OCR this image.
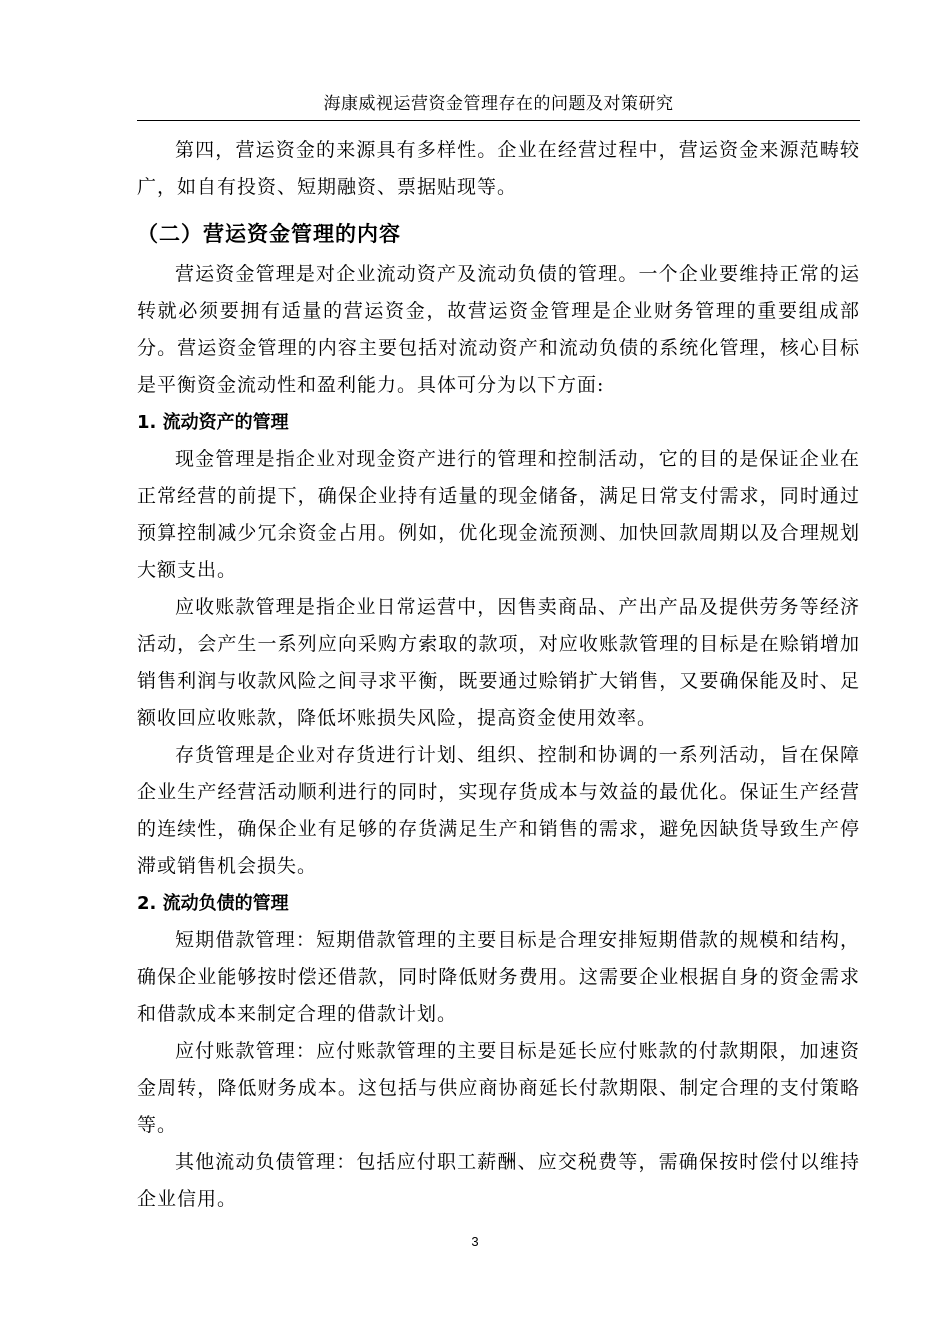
海康威视运营资金管理存在的问题及对策研究

第四，营运资金的来源具有多样性。企业在经营过程中，营运资金来源范畴较广，如自有投资、短期融资、票据贴现等。

（二）营运资金管理的内容

营运资金管理是对企业流动资产及流动负债的管理。一个企业要维持正常的运转就必须要拥有适量的营运资金，故营运资金管理是企业财务管理的重要组成部分。营运资金管理的内容主要包括对流动资产和流动负债的系统化管理，核心目标是平衡资金流动性和盈利能力。具体可分为以下方面:

1. 流动资产的管理

现金管理是指企业对现金资产进行的管理和控制活动，它的目的是保证企业在正常经营的前提下，确保企业持有适量的现金储备，满足日常支付需求，同时通过预算控制减少冗余资金占用。例如，优化现金流预测、加快回款周期以及合理规划大额支出。

应收账款管理是指企业日常运营中，因售卖商品、产出产品及提供劳务等经济活动，会产生一系列应向采购方索取的款项，对应收账款管理的目标是在赊销增加销售利润与收款风险之间寻求平衡，既要通过赊销扩大销售，又要确保能及时、足额收回应收账款，降低坏账损失风险，提高资金使用效率。

存货管理是企业对存货进行计划、组织、控制和协调的一系列活动，旨在保障企业生产经营活动顺利进行的同时，实现存货成本与效益的最优化。保证生产经营的连续性，确保企业有足够的存货满足生产和销售的需求，避免因缺货导致生产停滞或销售机会损失。

2. 流动负债的管理

短期借款管理：短期借款管理的主要目标是合理安排短期借款的规模和结构，确保企业能够按时偿还借款，同时降低财务费用。这需要企业根据自身的资金需求和借款成本来制定合理的借款计划。

应付账款管理：应付账款管理的主要目标是延长应付账款的付款期限，加速资金周转，降低财务成本。这包括与供应商协商延长付款期限、制定合理的支付策略等。

其他流动负债管理：包括应付职工薪酬、应交税费等，需确保按时偿付以维持企业信用。

3
